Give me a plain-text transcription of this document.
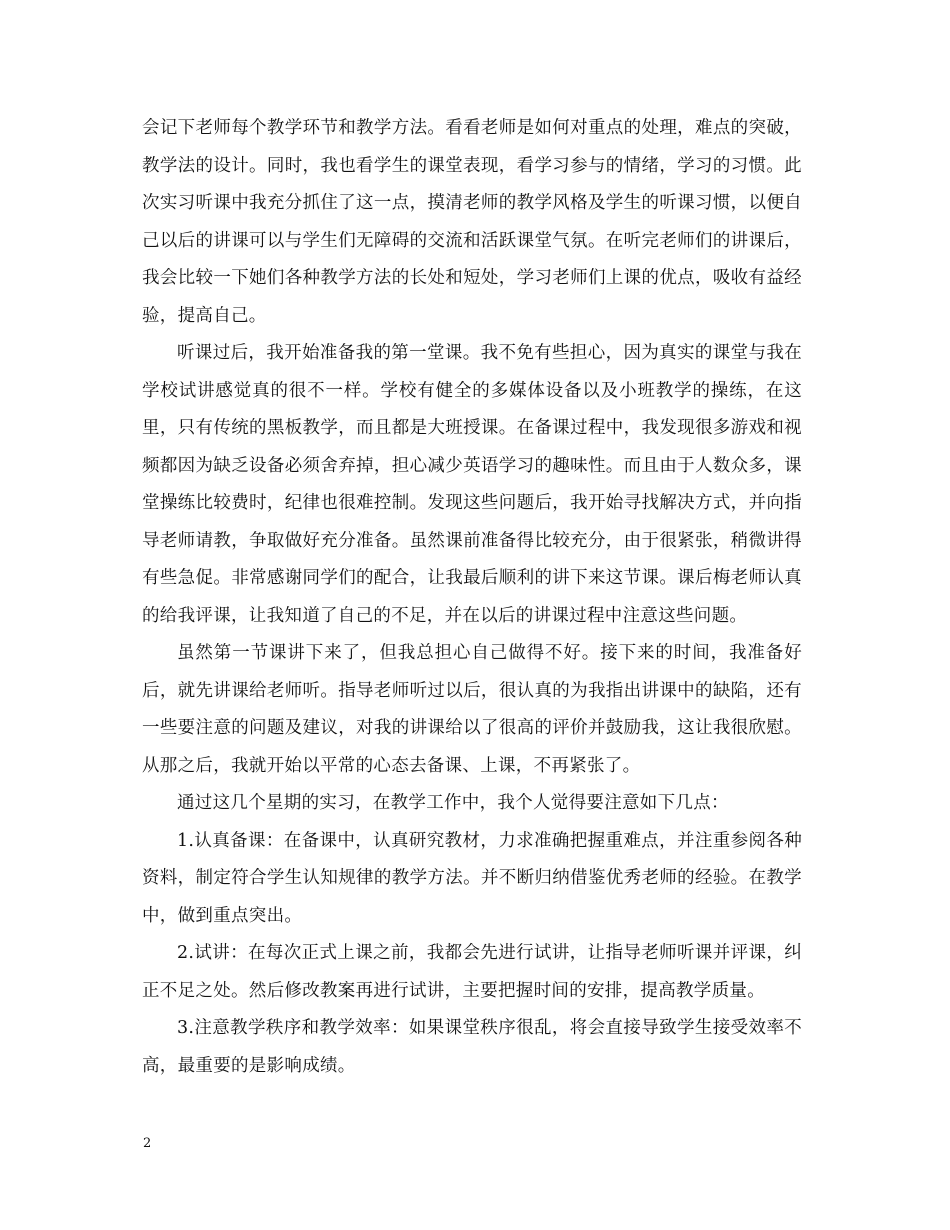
会记下老师每个教学环节和教学方法。看看老师是如何对重点的处理，难点的突破，教学法的设计。同时，我也看学生的课堂表现，看学习参与的情绪，学习的习惯。此次实习听课中我充分抓住了这一点，摸清老师的教学风格及学生的听课习惯，以便自己以后的讲课可以与学生们无障碍的交流和活跃课堂气氛。在听完老师们的讲课后，我会比较一下她们各种教学方法的长处和短处，学习老师们上课的优点，吸收有益经验，提高自己。

听课过后，我开始准备我的第一堂课。我不免有些担心，因为真实的课堂与我在学校试讲感觉真的很不一样。学校有健全的多媒体设备以及小班教学的操练，在这里，只有传统的黑板教学，而且都是大班授课。在备课过程中，我发现很多游戏和视频都因为缺乏设备必须舍弃掉，担心减少英语学习的趣味性。而且由于人数众多，课堂操练比较费时，纪律也很难控制。发现这些问题后，我开始寻找解决方式，并向指导老师请教，争取做好充分准备。虽然课前准备得比较充分，由于很紧张，稍微讲得有些急促。非常感谢同学们的配合，让我最后顺利的讲下来这节课。课后梅老师认真的给我评课，让我知道了自己的不足，并在以后的讲课过程中注意这些问题。

虽然第一节课讲下来了，但我总担心自己做得不好。接下来的时间，我准备好后，就先讲课给老师听。指导老师听过以后，很认真的为我指出讲课中的缺陷，还有一些要注意的问题及建议，对我的讲课给以了很高的评价并鼓励我，这让我很欣慰。从那之后，我就开始以平常的心态去备课、上课，不再紧张了。

通过这几个星期的实习，在教学工作中，我个人觉得要注意如下几点：

1.认真备课：在备课中，认真研究教材，力求准确把握重难点，并注重参阅各种资料，制定符合学生认知规律的教学方法。并不断归纳借鉴优秀老师的经验。在教学中，做到重点突出。

2.试讲：在每次正式上课之前，我都会先进行试讲，让指导老师听课并评课，纠正不足之处。然后修改教案再进行试讲，主要把握时间的安排，提高教学质量。

3.注意教学秩序和教学效率：如果课堂秩序很乱，将会直接导致学生接受效率不高，最重要的是影响成绩。

2
